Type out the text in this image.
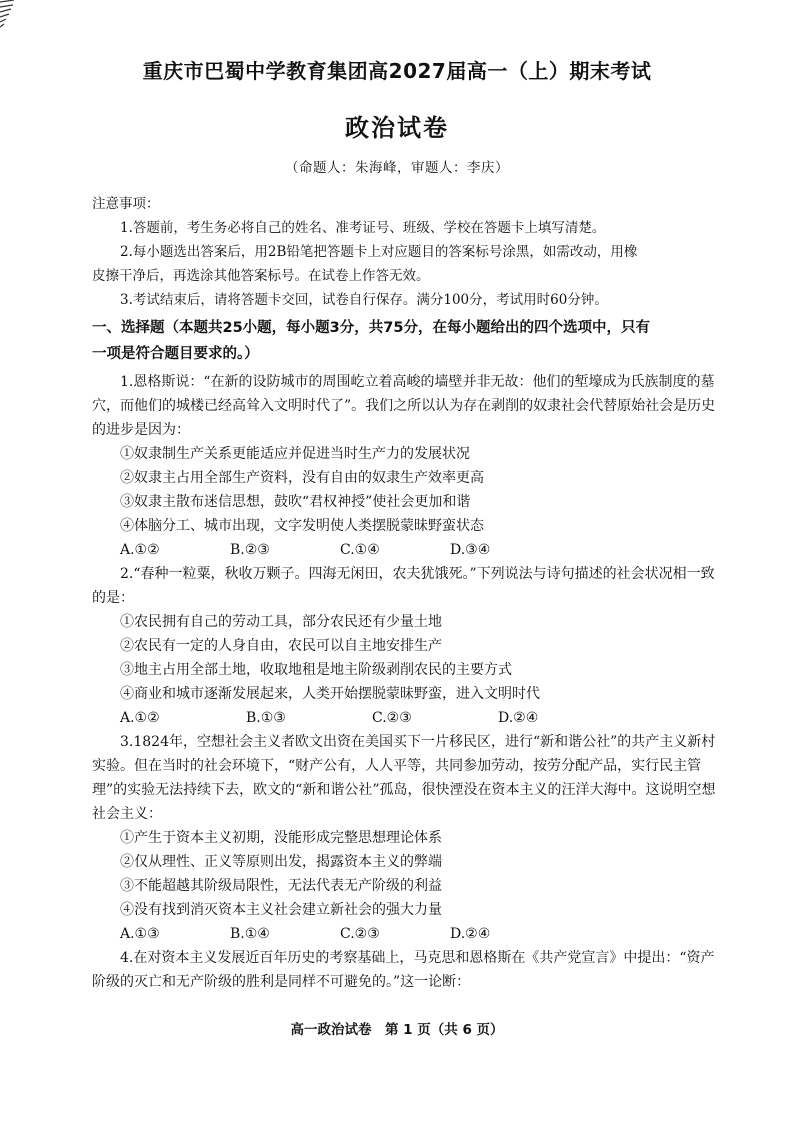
重庆市巴蜀中学教育集团高2027届高一（上）期末考试
政治试卷
（命题人：朱海峰，审题人：李庆）
注意事项：
1.答题前，考生务必将自己的姓名、准考证号、班级、学校在答题卡上填写清楚。
2.每小题选出答案后，用2B铅笔把答题卡上对应题目的答案标号涂黑，如需改动，用橡
皮擦干净后，再选涂其他答案标号。在试卷上作答无效。
3.考试结束后，请将答题卡交回，试卷自行保存。满分100分，考试用时60分钟。
一、选择题（本题共25小题，每小题3分，共75分，在每小题给出的四个选项中，只有
一项是符合题目要求的。）

1.恩格斯说：“在新的设防城市的周围屹立着高峻的墙壁并非无故：他们的堑壕成为氏族制度的墓穴，而他们的城楼已经高耸入文明时代了”。我们之所以认为存在剥削的奴隶社会代替原始社会是历史的进步是因为：

①奴隶制生产关系更能适应并促进当时生产力的发展状况

②奴隶主占用全部生产资料，没有自由的奴隶生产效率更高

③奴隶主散布迷信思想，鼓吹“君权神授”使社会更加和谐

④体脑分工、城市出现，文字发明使人类摆脱蒙昧野蛮状态

A.①②	B.②③	C.①④	D.③④

2.“春种一粒粟，秋收万颗子。四海无闲田，农夫犹饿死。”下列说法与诗句描述的社会状况相一致的是：

①农民拥有自己的劳动工具，部分农民还有少量土地

②农民有一定的人身自由，农民可以自主地安排生产

③地主占用全部土地，收取地租是地主阶级剥削农民的主要方式

④商业和城市逐渐发展起来，人类开始摆脱蒙昧野蛮，进入文明时代

A.①②	B.①③	C.②③	D.②④

3.1824年，空想社会主义者欧文出资在美国买下一片移民区，进行“新和谐公社”的共产主义新村实验。但在当时的社会环境下，“财产公有，人人平等，共同参加劳动，按劳分配产品，实行民主管理”的实验无法持续下去，欧文的“新和谐公社”孤岛，很快湮没在资本主义的汪洋大海中。这说明空想社会主义：

①产生于资本主义初期，没能形成完整思想理论体系

②仅从理性、正义等原则出发，揭露资本主义的弊端

③不能超越其阶级局限性，无法代表无产阶级的利益

④没有找到消灭资本主义社会建立新社会的强大力量

A.①③	B.①④	C.②③	D.②④

4.在对资本主义发展近百年历史的考察基础上，马克思和恩格斯在《共产党宣言》中提出：“资产阶级的灭亡和无产阶级的胜利是同样不可避免的。”这一论断：

高一政治试卷　第 1 页（共 6 页）
